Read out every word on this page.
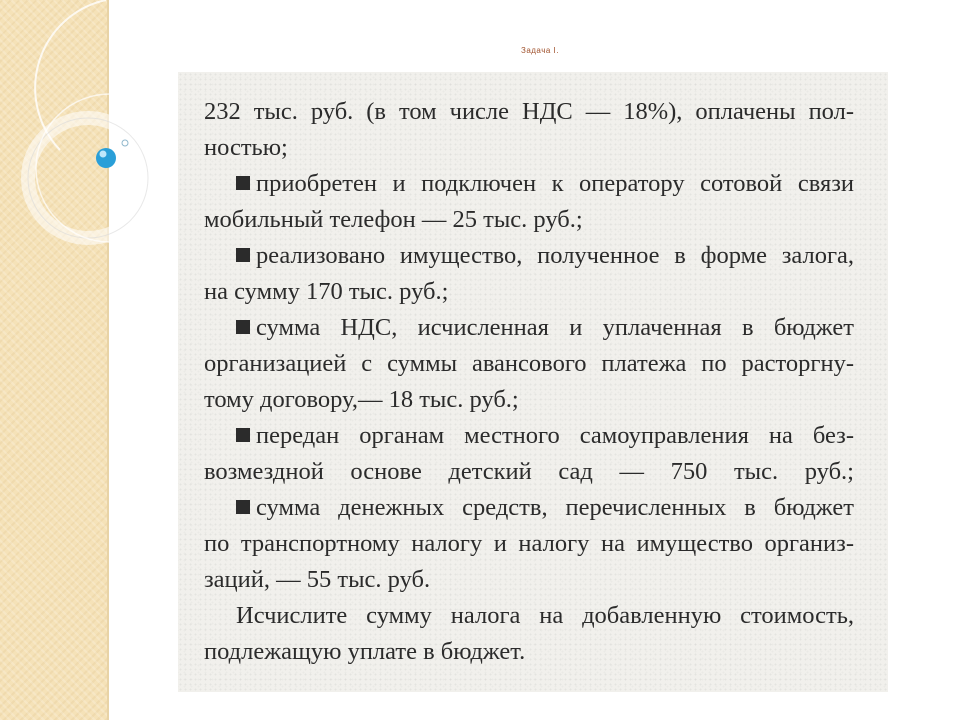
Задача I.
232 тыс. руб. (в том числе НДС — 18%), оплачены пол-
ностью;
приобретен и подключен к оператору сотовой связи
мобильный телефон — 25 тыс. руб.;
реализовано имущество, полученное в форме залога,
на сумму 170 тыс. руб.;
сумма НДС, исчисленная и уплаченная в бюджет
организацией с суммы авансового платежа по расторгну-
тому договору,— 18 тыс. руб.;
передан органам местного самоуправления на без-
возмездной основе детский сад — 750 тыс. руб.;
сумма денежных средств, перечисленных в бюджет
по транспортному налогу и налогу на имущество организ-
заций, — 55 тыс. руб.
Исчислите сумму налога на добавленную стоимость,
подлежащую уплате в бюджет.
